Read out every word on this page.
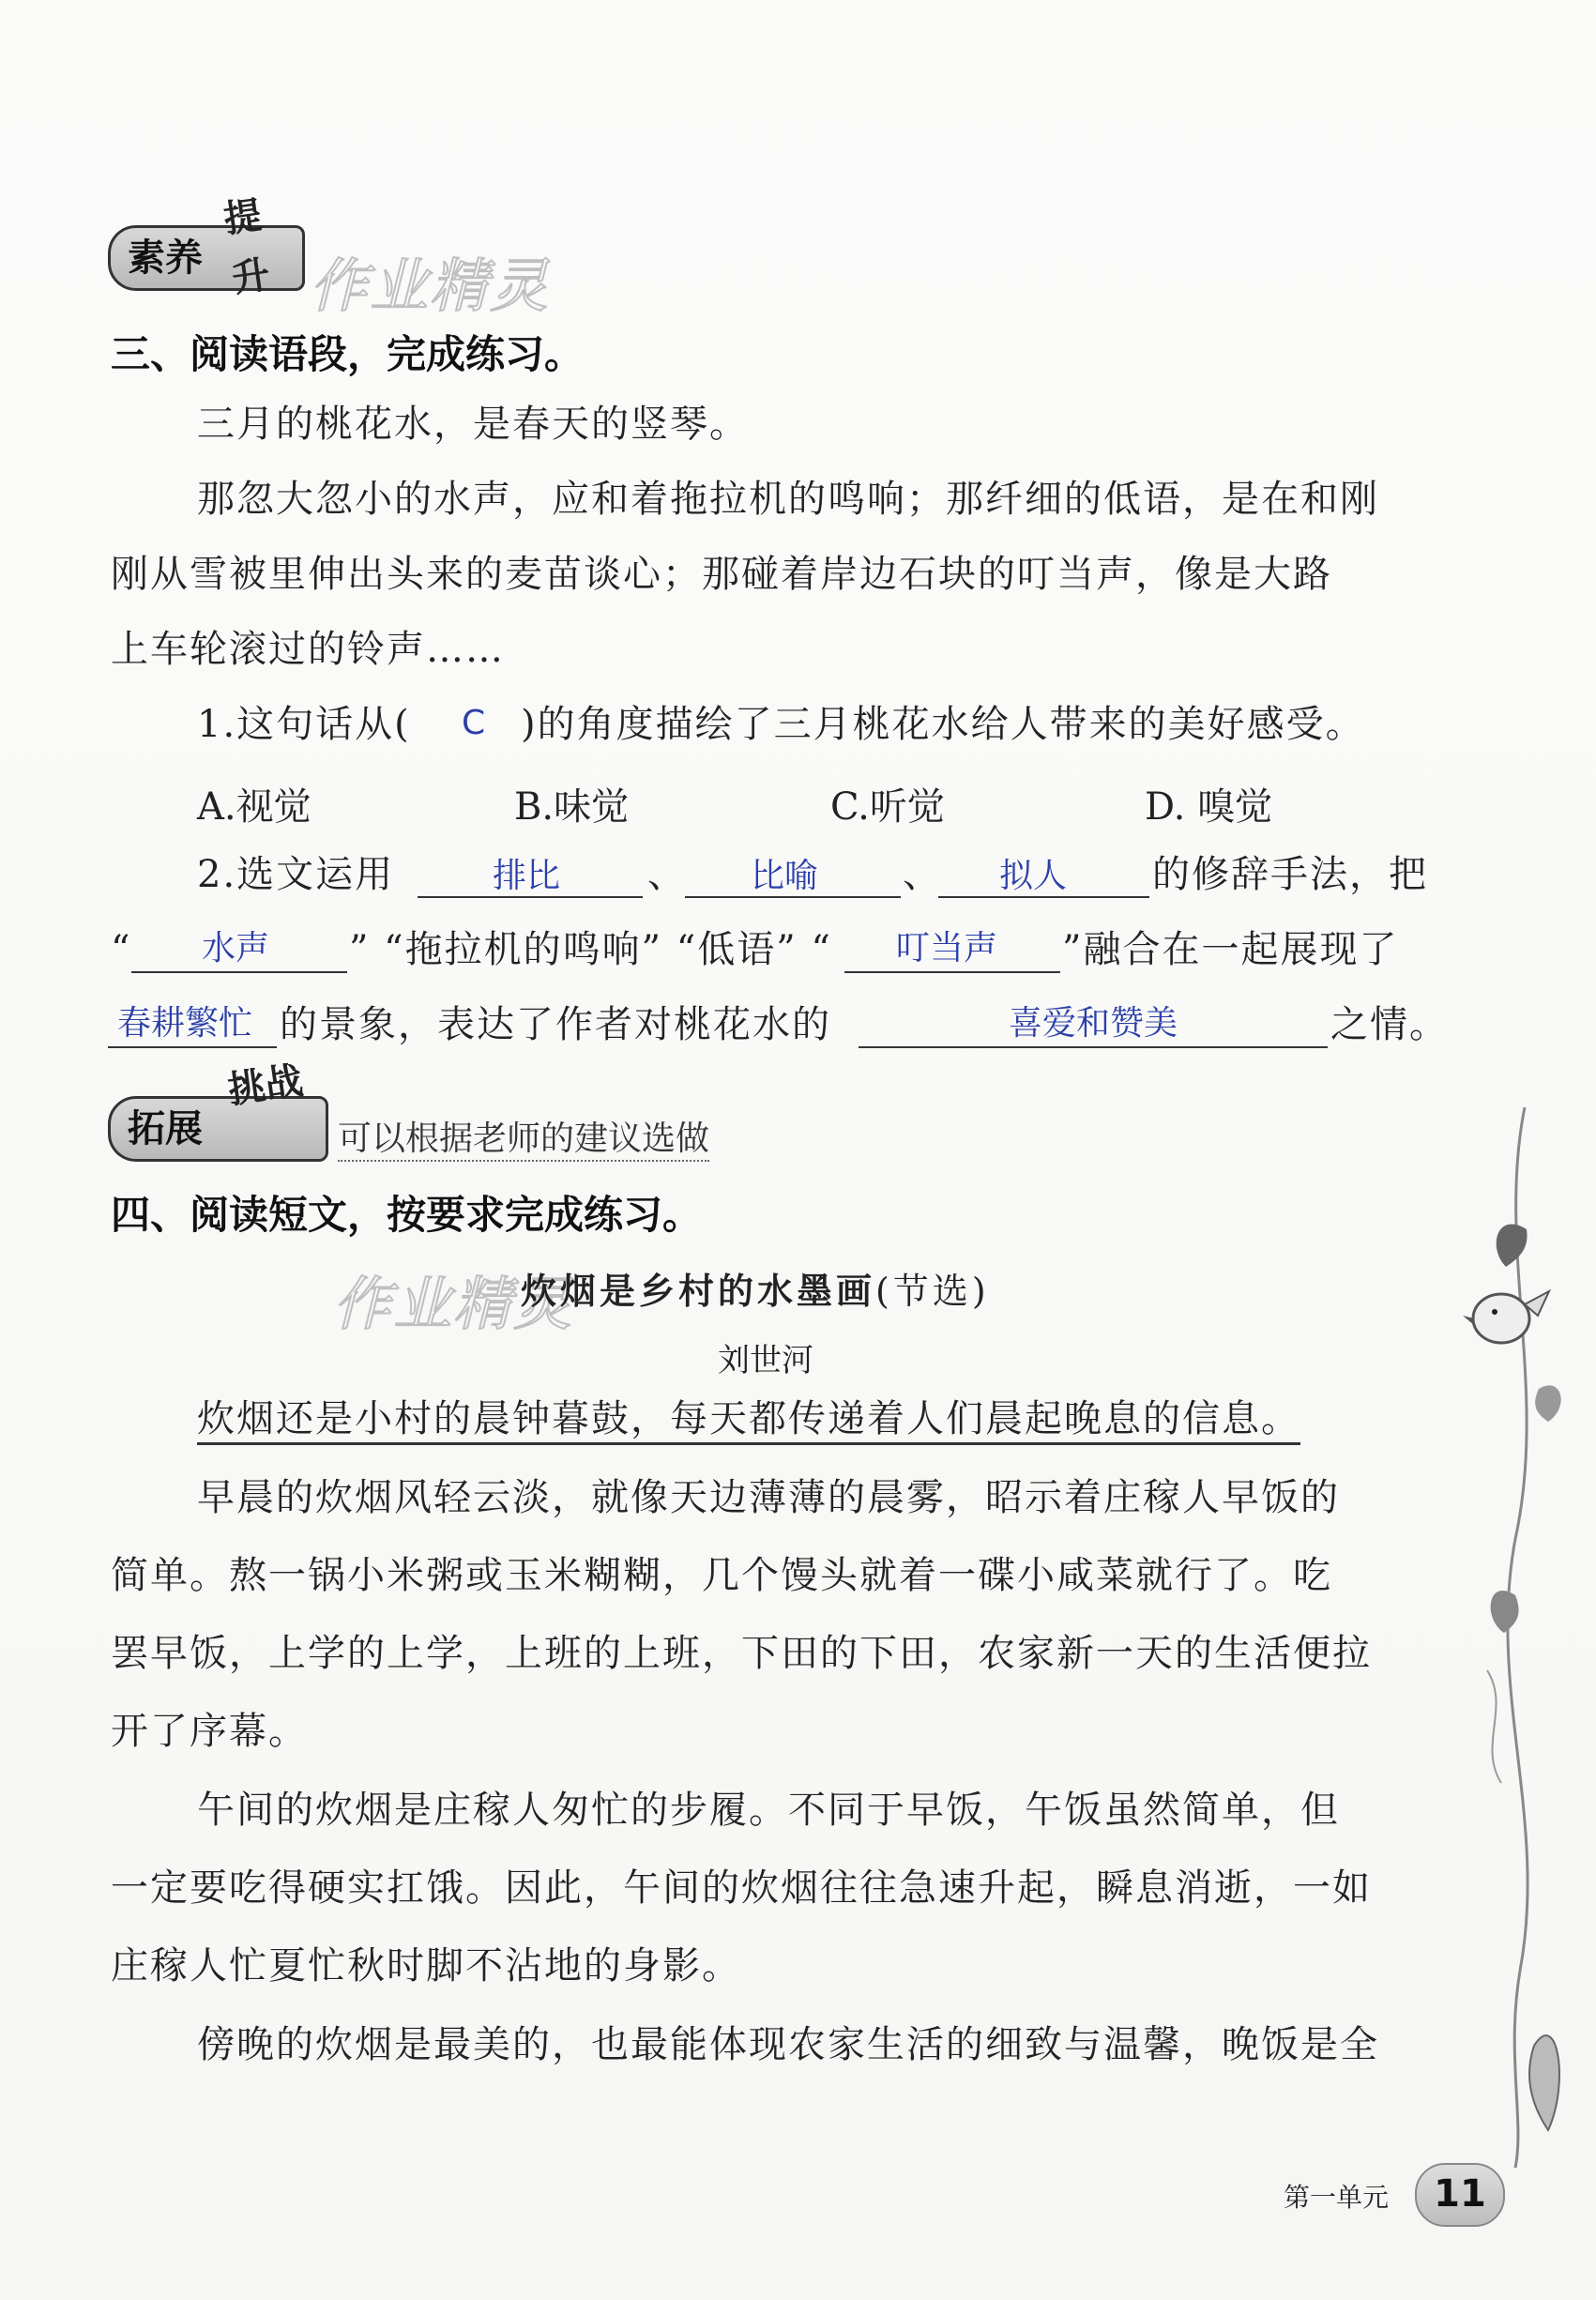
素养
提升 作业精灵
三、阅读语段，完成练习。
三月的桃花水，是春天的竖琴。
那忽大忽小的水声，应和着拖拉机的鸣响；那纤细的低语，是在和刚
刚从雪被里伸出头来的麦苗谈心；那碰着岸边石块的叮当声，像是大路
上车轮滚过的铃声……
1.这句话从( C )的角度描绘了三月桃花水给人带来的美好感受。
A.视觉	B.味觉	C.听觉	D. 嗅觉
2.选文运用	排比 、 比喻 、 拟人 的修辞手法，把
“ 水声 ” “拖拉机的鸣响” “低语” “ 叮当声 ”融合在一起展现了
春耕繁忙 的景象，表达了作者对桃花水的	喜爱和赞美	之情。
拓展
挑战
可以根据老师的建议选做
四、阅读短文，按要求完成练习。
作业精灵
炊烟是乡村的水墨画(节选)
刘世河
炊烟还是小村的晨钟暮鼓，每天都传递着人们晨起晚息的信息。
早晨的炊烟风轻云淡，就像天边薄薄的晨雾，昭示着庄稼人早饭的
简单。熬一锅小米粥或玉米糊糊，几个馒头就着一碟小咸菜就行了。吃
罢早饭，上学的上学，上班的上班，下田的下田，农家新一天的生活便拉
开了序幕。
午间的炊烟是庄稼人匆忙的步履。不同于早饭，午饭虽然简单，但
一定要吃得硬实扛饿。因此，午间的炊烟往往急速升起，瞬息消逝，一如
庄稼人忙夏忙秋时脚不沾地的身影。
傍晚的炊烟是最美的，也最能体现农家生活的细致与温馨，晚饭是全
第一单元	11
